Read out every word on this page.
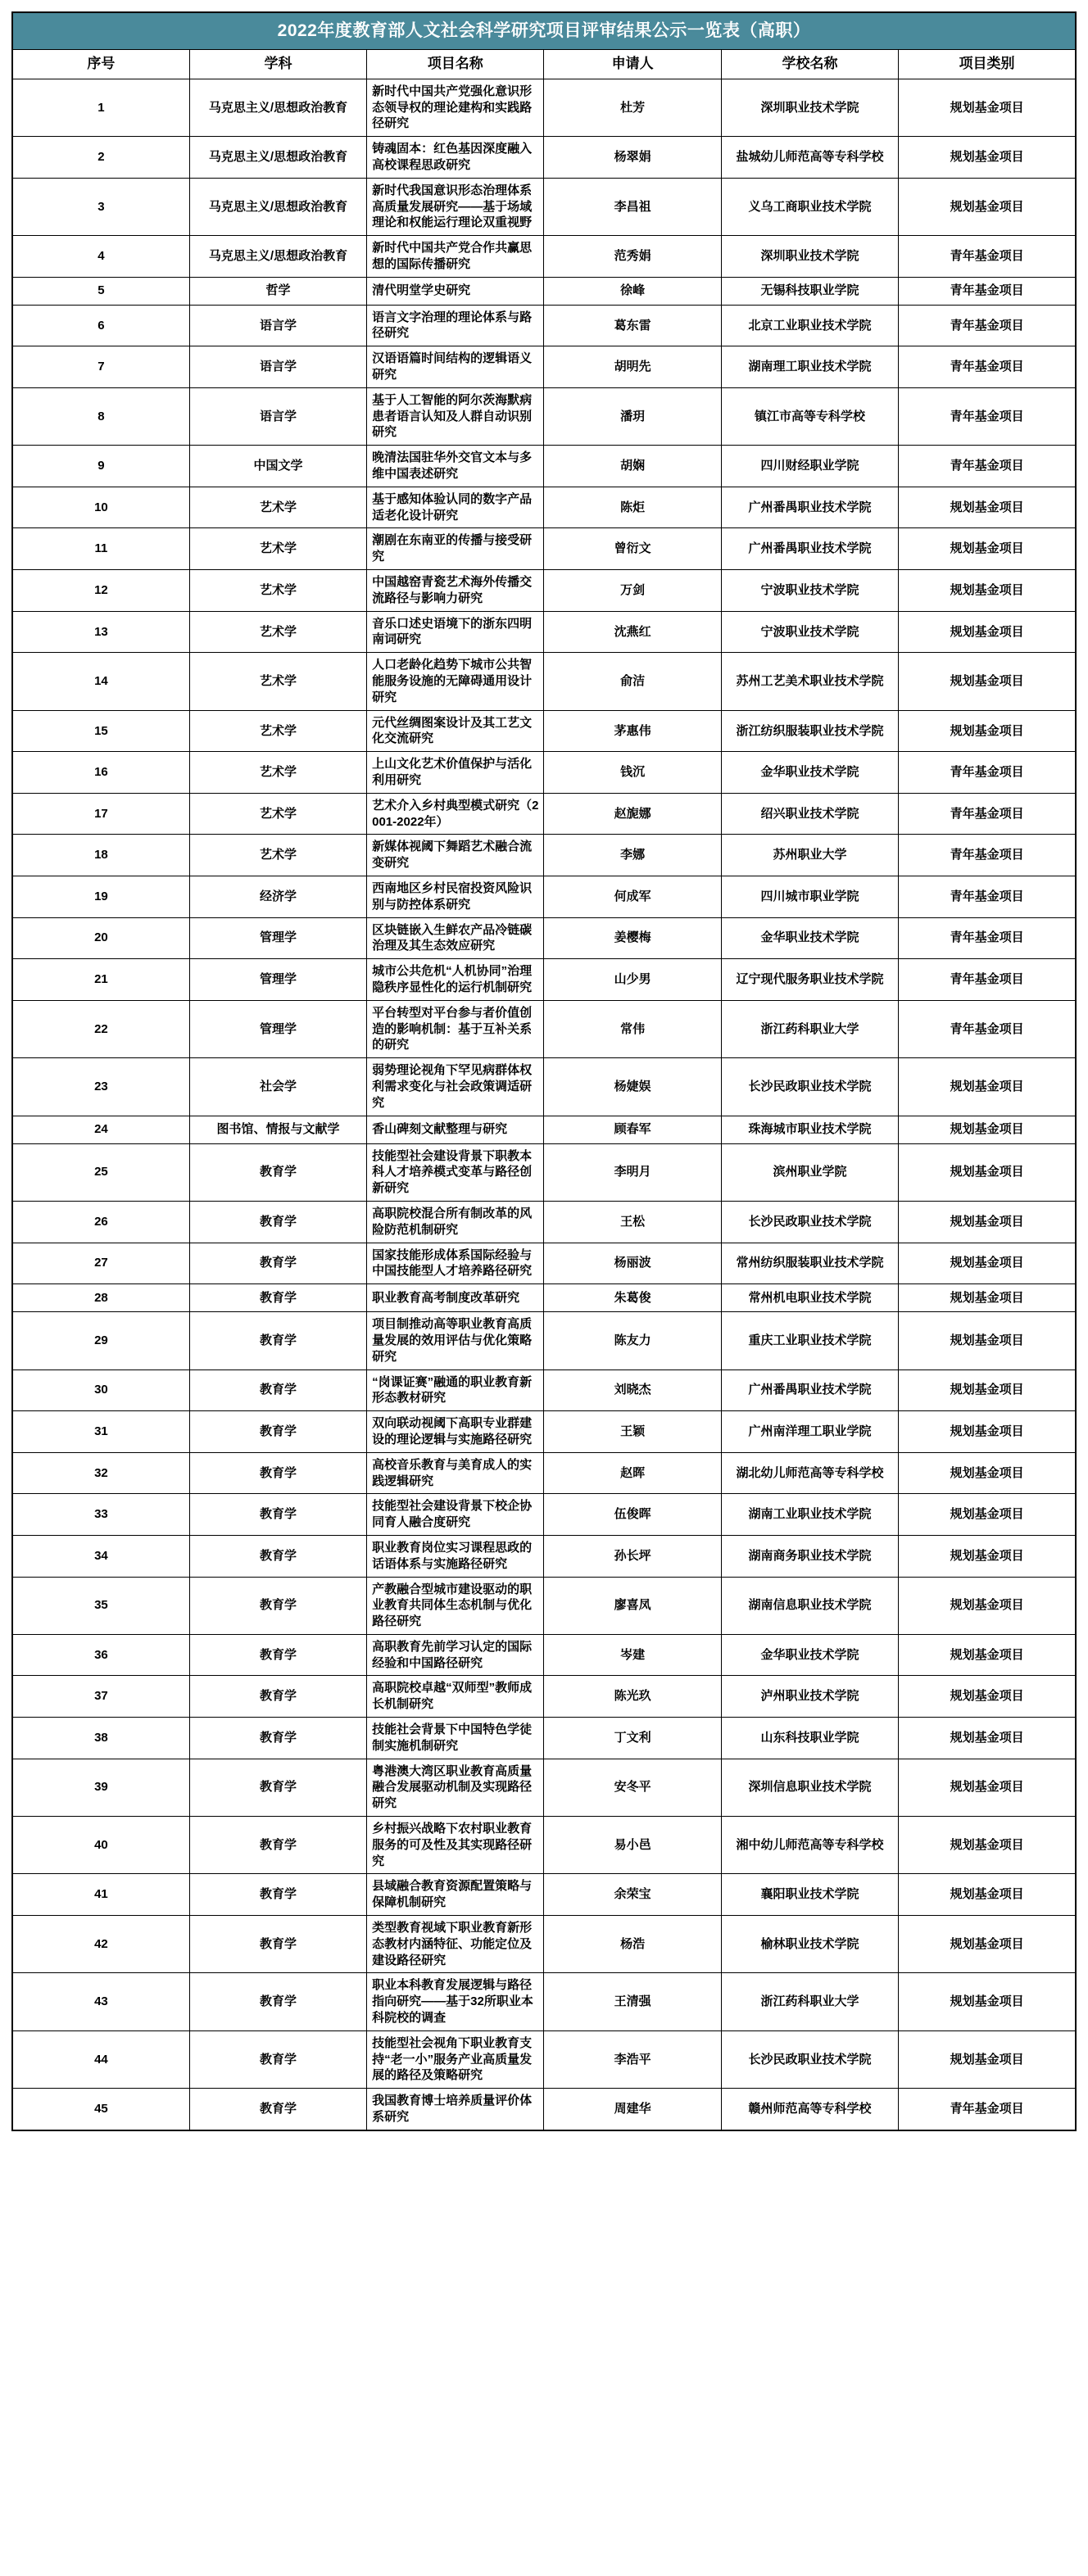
2022年度教育部人文社会科学研究项目评审结果公示一览表（高职）					
序号	学科	项目名称	申请人	学校名称	项目类别
1	马克思主义/思想政治教育	新时代中国共产党强化意识形态领导权的理论建构和实践路径研究	杜芳	深圳职业技术学院	规划基金项目
2	马克思主义/思想政治教育	铸魂固本：红色基因深度融入高校课程思政研究	杨翠娟	盐城幼儿师范高等专科学校	规划基金项目
3	马克思主义/思想政治教育	新时代我国意识形态治理体系高质量发展研究——基于场域理论和权能运行理论双重视野	李昌祖	义乌工商职业技术学院	规划基金项目
4	马克思主义/思想政治教育	新时代中国共产党合作共赢思想的国际传播研究	范秀娟	深圳职业技术学院	青年基金项目
5	哲学	清代明堂学史研究	徐峰	无锡科技职业学院	青年基金项目
6	语言学	语言文字治理的理论体系与路径研究	葛东雷	北京工业职业技术学院	青年基金项目
7	语言学	汉语语篇时间结构的逻辑语义研究	胡明先	湖南理工职业技术学院	青年基金项目
8	语言学	基于人工智能的阿尔茨海默病患者语言认知及人群自动识别研究	潘玥	镇江市高等专科学校	青年基金项目
9	中国文学	晚清法国驻华外交官文本与多维中国表述研究	胡娴	四川财经职业学院	青年基金项目
10	艺术学	基于感知体验认同的数字产品适老化设计研究	陈炬	广州番禺职业技术学院	规划基金项目
11	艺术学	潮剧在东南亚的传播与接受研究	曾衍文	广州番禺职业技术学院	规划基金项目
12	艺术学	中国越窑青瓷艺术海外传播交流路径与影响力研究	万剑	宁波职业技术学院	规划基金项目
13	艺术学	音乐口述史语境下的浙东四明南词研究	沈燕红	宁波职业技术学院	规划基金项目
14	艺术学	人口老龄化趋势下城市公共智能服务设施的无障碍通用设计研究	俞洁	苏州工艺美术职业技术学院	规划基金项目
15	艺术学	元代丝绸图案设计及其工艺文化交流研究	茅惠伟	浙江纺织服装职业技术学院	规划基金项目
16	艺术学	上山文化艺术价值保护与活化利用研究	钱沉	金华职业技术学院	青年基金项目
17	艺术学	艺术介入乡村典型模式研究（2001-2022年）	赵旎娜	绍兴职业技术学院	青年基金项目
18	艺术学	新媒体视阈下舞蹈艺术融合流变研究	李娜	苏州职业大学	青年基金项目
19	经济学	西南地区乡村民宿投资风险识别与防控体系研究	何成军	四川城市职业学院	青年基金项目
20	管理学	区块链嵌入生鲜农产品冷链碳治理及其生态效应研究	姜樱梅	金华职业技术学院	青年基金项目
21	管理学	城市公共危机“人机协同”治理隐秩序显性化的运行机制研究	山少男	辽宁现代服务职业技术学院	青年基金项目
22	管理学	平台转型对平台参与者价值创造的影响机制：基于互补关系的研究	常伟	浙江药科职业大学	青年基金项目
23	社会学	弱势理论视角下罕见病群体权利需求变化与社会政策调适研究	杨婕娱	长沙民政职业技术学院	规划基金项目
24	图书馆、情报与文献学	香山碑刻文献整理与研究	顾春军	珠海城市职业技术学院	规划基金项目
25	教育学	技能型社会建设背景下职教本科人才培养模式变革与路径创新研究	李明月	滨州职业学院	规划基金项目
26	教育学	高职院校混合所有制改革的风险防范机制研究	王松	长沙民政职业技术学院	规划基金项目
27	教育学	国家技能形成体系国际经验与中国技能型人才培养路径研究	杨丽波	常州纺织服装职业技术学院	规划基金项目
28	教育学	职业教育高考制度改革研究	朱葛俊	常州机电职业技术学院	规划基金项目
29	教育学	项目制推动高等职业教育高质量发展的效用评估与优化策略研究	陈友力	重庆工业职业技术学院	规划基金项目
30	教育学	“岗课证赛”融通的职业教育新形态教材研究	刘晓杰	广州番禺职业技术学院	规划基金项目
31	教育学	双向联动视阈下高职专业群建设的理论逻辑与实施路径研究	王颖	广州南洋理工职业学院	规划基金项目
32	教育学	高校音乐教育与美育成人的实践逻辑研究	赵晖	湖北幼儿师范高等专科学校	规划基金项目
33	教育学	技能型社会建设背景下校企协同育人融合度研究	伍俊晖	湖南工业职业技术学院	规划基金项目
34	教育学	职业教育岗位实习课程思政的话语体系与实施路径研究	孙长坪	湖南商务职业技术学院	规划基金项目
35	教育学	产教融合型城市建设驱动的职业教育共同体生态机制与优化路径研究	廖喜凤	湖南信息职业技术学院	规划基金项目
36	教育学	高职教育先前学习认定的国际经验和中国路径研究	岑建	金华职业技术学院	规划基金项目
37	教育学	高职院校卓越“双师型”教师成长机制研究	陈光玖	泸州职业技术学院	规划基金项目
38	教育学	技能社会背景下中国特色学徒制实施机制研究	丁文利	山东科技职业学院	规划基金项目
39	教育学	粤港澳大湾区职业教育高质量融合发展驱动机制及实现路径研究	安冬平	深圳信息职业技术学院	规划基金项目
40	教育学	乡村振兴战略下农村职业教育服务的可及性及其实现路径研究	易小邑	湘中幼儿师范高等专科学校	规划基金项目
41	教育学	县域融合教育资源配置策略与保障机制研究	余荣宝	襄阳职业技术学院	规划基金项目
42	教育学	类型教育视域下职业教育新形态教材内涵特征、功能定位及建设路径研究	杨浩	榆林职业技术学院	规划基金项目
43	教育学	职业本科教育发展逻辑与路径指向研究——基于32所职业本科院校的调查	王清强	浙江药科职业大学	规划基金项目
44	教育学	技能型社会视角下职业教育支持“老一小”服务产业高质量发展的路径及策略研究	李浩平	长沙民政职业技术学院	规划基金项目
45	教育学	我国教育博士培养质量评价体系研究	周建华	赣州师范高等专科学校	青年基金项目
